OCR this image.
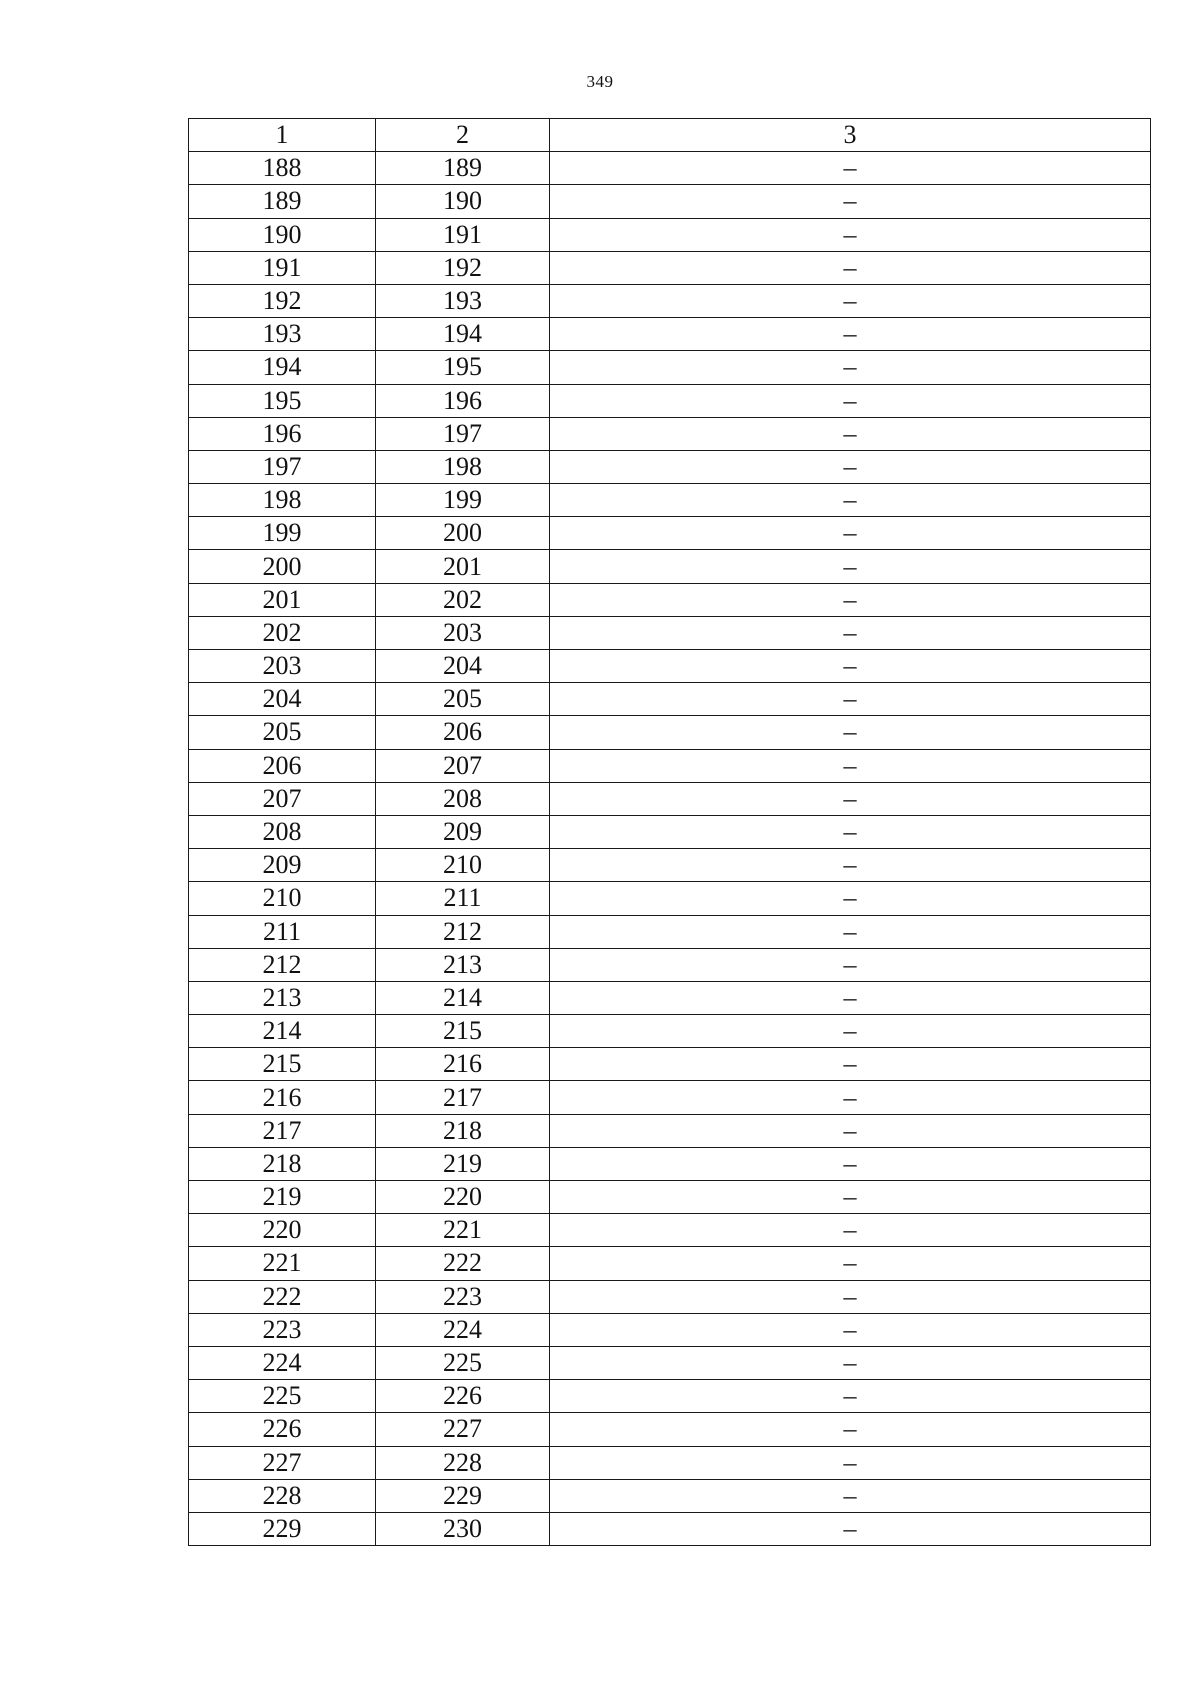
349
1	2	3
188	189	–
189	190	–
190	191	–
191	192	–
192	193	–
193	194	–
194	195	–
195	196	–
196	197	–
197	198	–
198	199	–
199	200	–
200	201	–
201	202	–
202	203	–
203	204	–
204	205	–
205	206	–
206	207	–
207	208	–
208	209	–
209	210	–
210	211	–
211	212	–
212	213	–
213	214	–
214	215	–
215	216	–
216	217	–
217	218	–
218	219	–
219	220	–
220	221	–
221	222	–
222	223	–
223	224	–
224	225	–
225	226	–
226	227	–
227	228	–
228	229	–
229	230	–
